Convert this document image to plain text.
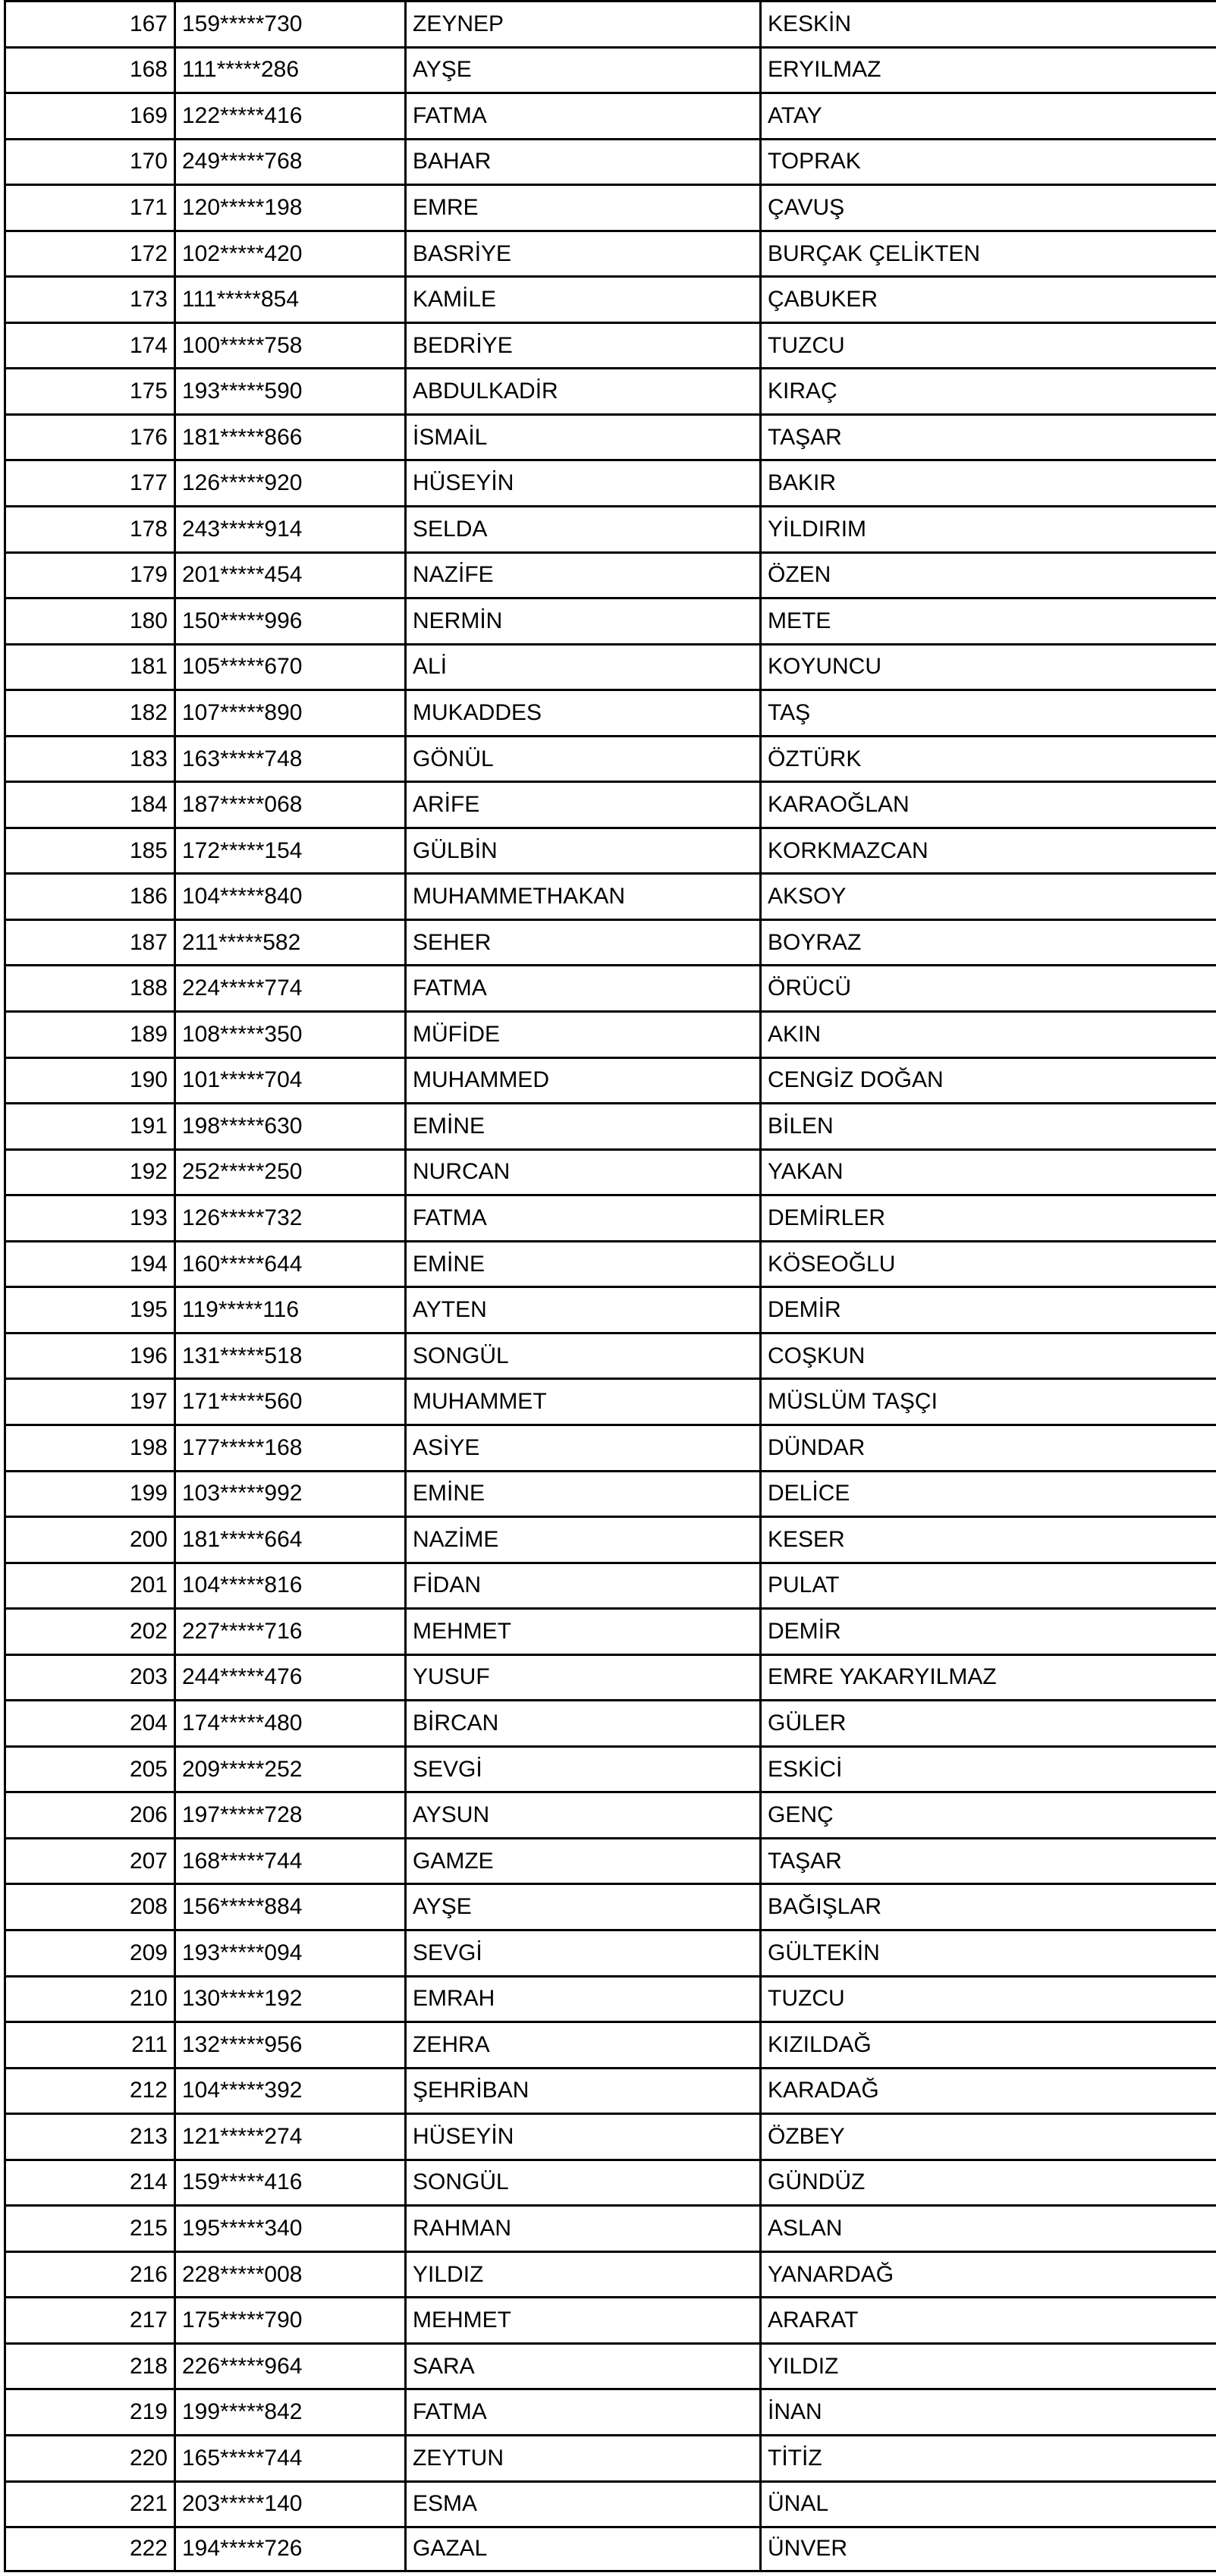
167	159*****730	ZEYNEP	KESKİN
168	111*****286	AYŞE	ERYILMAZ
169	122*****416	FATMA	ATAY
170	249*****768	BAHAR	TOPRAK
171	120*****198	EMRE	ÇAVUŞ
172	102*****420	BASRİYE	BURÇAK ÇELİKTEN
173	111*****854	KAMİLE	ÇABUKER
174	100*****758	BEDRİYE	TUZCU
175	193*****590	ABDULKADİR	KIRAÇ
176	181*****866	İSMAİL	TAŞAR
177	126*****920	HÜSEYİN	BAKIR
178	243*****914	SELDA	YİLDIRIM
179	201*****454	NAZİFE	ÖZEN
180	150*****996	NERMİN	METE
181	105*****670	ALİ	KOYUNCU
182	107*****890	MUKADDES	TAŞ
183	163*****748	GÖNÜL	ÖZTÜRK
184	187*****068	ARİFE	KARAOĞLAN
185	172*****154	GÜLBİN	KORKMAZCAN
186	104*****840	MUHAMMETHAKAN	AKSOY
187	211*****582	SEHER	BOYRAZ
188	224*****774	FATMA	ÖRÜCÜ
189	108*****350	MÜFİDE	AKIN
190	101*****704	MUHAMMED	CENGİZ DOĞAN
191	198*****630	EMİNE	BİLEN
192	252*****250	NURCAN	YAKAN
193	126*****732	FATMA	DEMİRLER
194	160*****644	EMİNE	KÖSEOĞLU
195	119*****116	AYTEN	DEMİR
196	131*****518	SONGÜL	COŞKUN
197	171*****560	MUHAMMET	MÜSLÜM TAŞÇI
198	177*****168	ASİYE	DÜNDAR
199	103*****992	EMİNE	DELİCE
200	181*****664	NAZİME	KESER
201	104*****816	FİDAN	PULAT
202	227*****716	MEHMET	DEMİR
203	244*****476	YUSUF	EMRE YAKARYILMAZ
204	174*****480	BİRCAN	GÜLER
205	209*****252	SEVGİ	ESKİCİ
206	197*****728	AYSUN	GENÇ
207	168*****744	GAMZE	TAŞAR
208	156*****884	AYŞE	BAĞIŞLAR
209	193*****094	SEVGİ	GÜLTEKİN
210	130*****192	EMRAH	TUZCU
211	132*****956	ZEHRA	KIZILDAĞ
212	104*****392	ŞEHRİBAN	KARADAĞ
213	121*****274	HÜSEYİN	ÖZBEY
214	159*****416	SONGÜL	GÜNDÜZ
215	195*****340	RAHMAN	ASLAN
216	228*****008	YILDIZ	YANARDAĞ
217	175*****790	MEHMET	ARARAT
218	226*****964	SARA	YILDIZ
219	199*****842	FATMA	İNAN
220	165*****744	ZEYTUN	TİTİZ
221	203*****140	ESMA	ÜNAL
222	194*****726	GAZAL	ÜNVER
